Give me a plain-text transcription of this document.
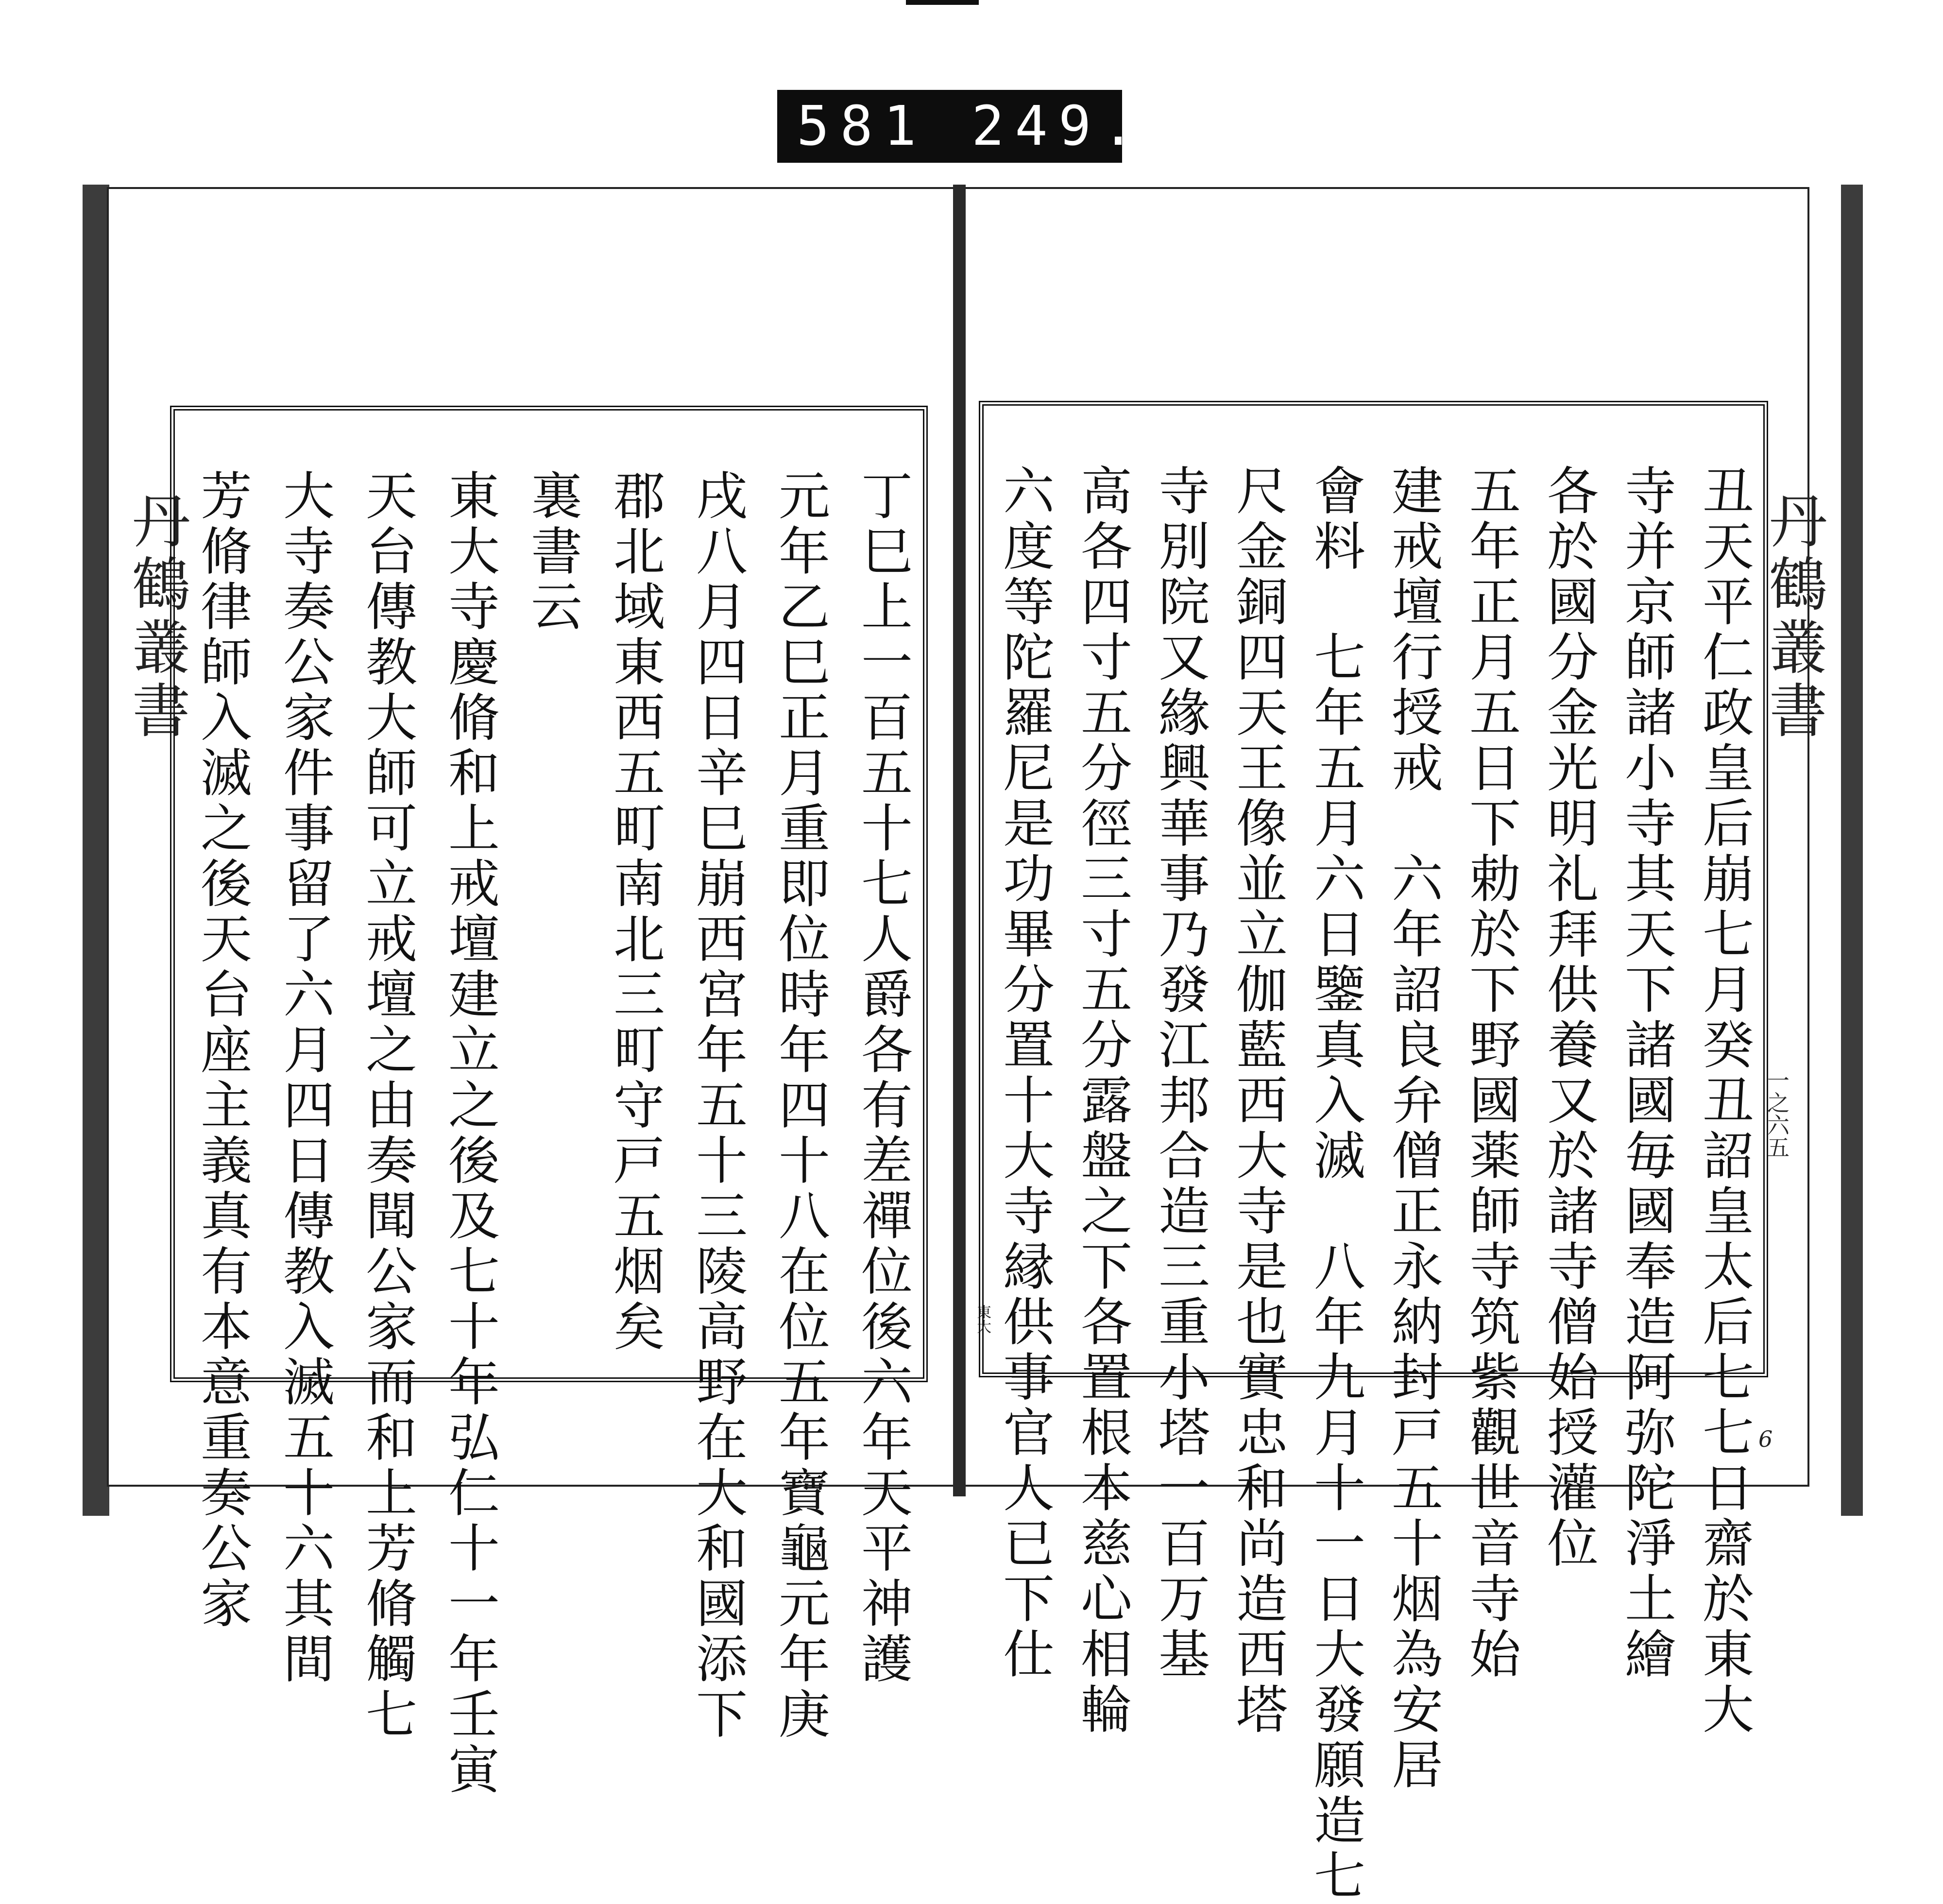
581 249.
丹鶴叢書
一之六五
丹鶴叢書
東大
6
丑天平仁政皇后崩七月癸丑詔皇太后七七日齋於東大
寺并京師諸小寺其天下諸國毎國奉造阿弥陀淨土繪
各於國分金光明礼拜供養又於諸寺僧始授灌位
五年正月五日下勅於下野國薬師寺筑紫觀世音寺始
建戒壇行授戒　六年詔良弁僧正永納封戸五十烟為安居
會料　七年五月六日鑒真入滅　八年九月十一日大發願造七
尺金銅四天王像並立伽藍西大寺是也實忠和尚造西塔
寺別院又緣興華事乃發江邦合造三重小塔一百万基
高各四寸五分徑三寸五分露盤之下各置根本慈心相輪
六度等陀羅尼是功畢分置十大寺縁供事官人已下仕
丁巳上一百五十七人爵各有差禪位後六年天平神護
元年乙巳正月重即位時年四十八在位五年寶龜元年庚
戌八月四日辛巳崩西宮年五十三陵高野在大和國添下
郡北域東西五町南北三町守戸五烟矣
裏書云
東大寺慶脩和上戒壇建立之後及七十年弘仁十一年壬寅
天台傳教大師可立戒壇之由奏聞公家而和上芳脩觸七
大寺奏公家件事留了六月四日傳教入滅五十六其間
芳脩律師入滅之後天台座主義真有本意重奏公家
